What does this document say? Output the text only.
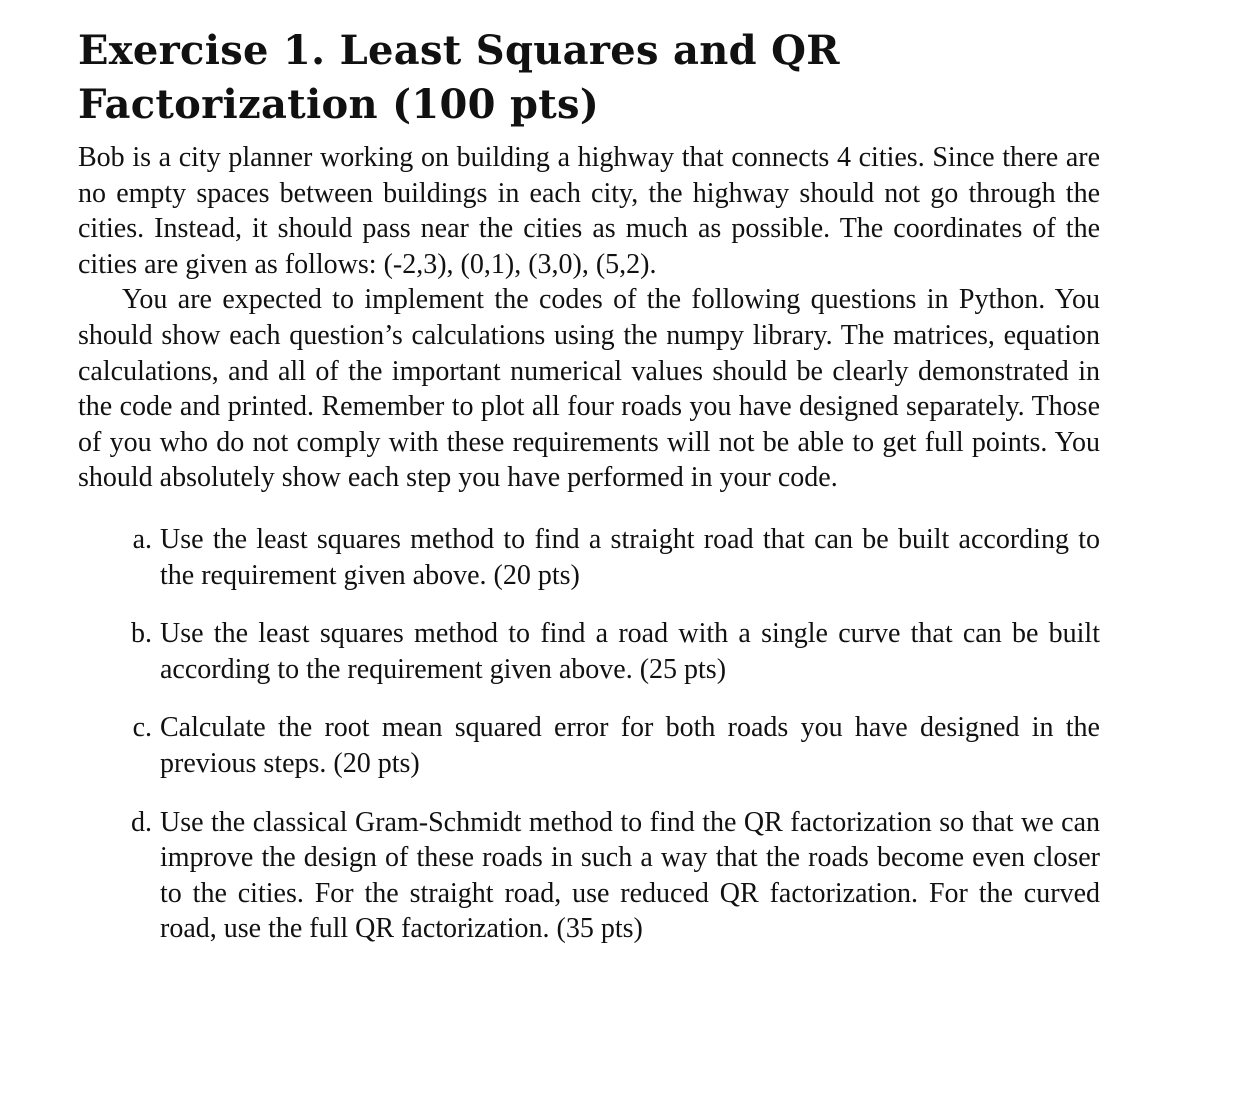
Exercise 1. Least Squares and QR Factorization (100 pts)

Bob is a city planner working on building a highway that connects 4 cities. Since there are no empty spaces between buildings in each city, the highway should not go through the cities. Instead, it should pass near the cities as much as possible. The coordinates of the cities are given as follows: (-2,3), (0,1), (3,0), (5,2).

You are expected to implement the codes of the following questions in Python. You should show each question’s calculations using the numpy library. The matrices, equation calculations, and all of the important numerical values should be clearly demonstrated in the code and printed. Remember to plot all four roads you have designed separately. Those of you who do not comply with these requirements will not be able to get full points. You should absolutely show each step you have performed in your code.

a. Use the least squares method to find a straight road that can be built according to the requirement given above. (20 pts)
b. Use the least squares method to find a road with a single curve that can be built according to the requirement given above. (25 pts)
c. Calculate the root mean squared error for both roads you have designed in the previous steps. (20 pts)
d. Use the classical Gram-Schmidt method to find the QR factorization so that we can improve the design of these roads in such a way that the roads become even closer to the cities. For the straight road, use reduced QR factorization. For the curved road, use the full QR factorization. (35 pts)
